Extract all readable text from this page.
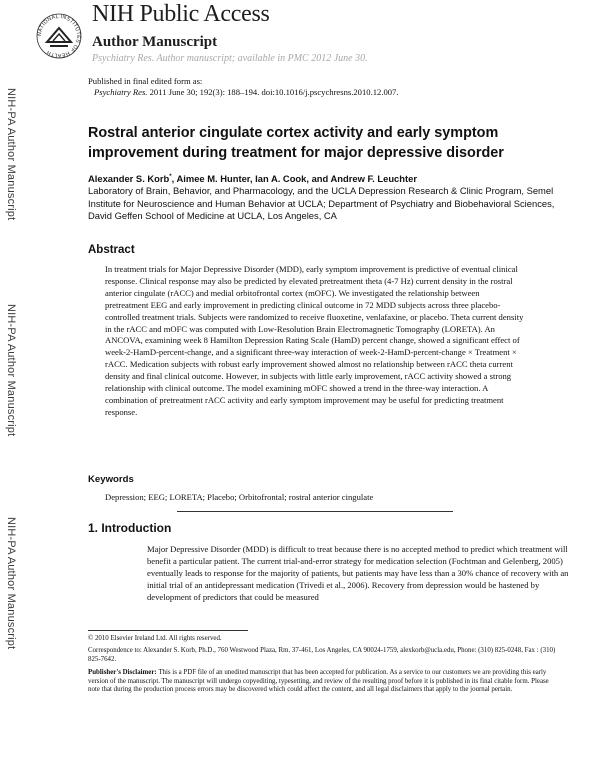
NATIONAL INSTITUTES OF HEALTH
NIH Public Access
Author Manuscript
Psychiatry Res. Author manuscript; available in PMC 2012 June 30.
Published in final edited form as:
Psychiatry Res. 2011 June 30; 192(3): 188–194. doi:10.1016/j.pscychresns.2010.12.007.
NIH-PA Author Manuscript
NIH-PA Author Manuscript
NIH-PA Author Manuscript
Rostral anterior cingulate cortex activity and early symptom improvement during treatment for major depressive disorder
Alexander S. Korb*, Aimee M. Hunter, Ian A. Cook, and Andrew F. Leuchter
Laboratory of Brain, Behavior, and Pharmacology, and the UCLA Depression Research & Clinic Program, Semel Institute for Neuroscience and Human Behavior at UCLA; Department of Psychiatry and Biobehavioral Sciences, David Geffen School of Medicine at UCLA, Los Angeles, CA
Abstract
In treatment trials for Major Depressive Disorder (MDD), early symptom improvement is predictive of eventual clinical response. Clinical response may also be predicted by elevated pretreatment theta (4-7 Hz) current density in the rostral anterior cingulate (rACC) and medial orbitofrontal cortex (mOFC). We investigated the relationship between pretreatment EEG and early improvement in predicting clinical outcome in 72 MDD subjects across three placebo-controlled treatment trials. Subjects were randomized to receive fluoxetine, venlafaxine, or placebo. Theta current density in the rACC and mOFC was computed with Low-Resolution Brain Electromagnetic Tomography (LORETA). An ANCOVA, examining week 8 Hamilton Depression Rating Scale (HamD) percent change, showed a significant effect of week-2-HamD-percent-change, and a significant three-way interaction of week-2-HamD-percent-change × Treatment × rACC. Medication subjects with robust early improvement showed almost no relationship between rACC theta current density and final clinical outcome. However, in subjects with little early improvement, rACC activity showed a strong relationship with clinical outcome. The model examining mOFC showed a trend in the three-way interaction. A combination of pretreatment rACC activity and early symptom improvement may be useful for predicting treatment response.
Keywords
Depression; EEG; LORETA; Placebo; Orbitofrontal; rostral anterior cingulate
1. Introduction
Major Depressive Disorder (MDD) is difficult to treat because there is no accepted method to predict which treatment will benefit a particular patient. The current trial-and-error strategy for medication selection (Fochtman and Gelenberg, 2005) eventually leads to response for the majority of patients, but patients may have less than a 30% chance of recovery with an initial trial of an antidepressant medication (Trivedi et al., 2006). Recovery from depression would be hastened by development of predictors that could be measured
© 2010 Elsevier Ireland Ltd. All rights reserved.
Correspondence to: Alexander S. Korb, Ph.D., 760 Westwood Plaza, Rm. 37-461, Los Angeles, CA 90024-1759, alexkorb@ucla.edu, Phone: (310) 825-0248, Fax : (310) 825-7642.
Publisher's Disclaimer: This is a PDF file of an unedited manuscript that has been accepted for publication. As a service to our customers we are providing this early version of the manuscript. The manuscript will undergo copyediting, typesetting, and review of the resulting proof before it is published in its final citable form. Please note that during the production process errors may be discovered which could affect the content, and all legal disclaimers that apply to the journal pertain.
